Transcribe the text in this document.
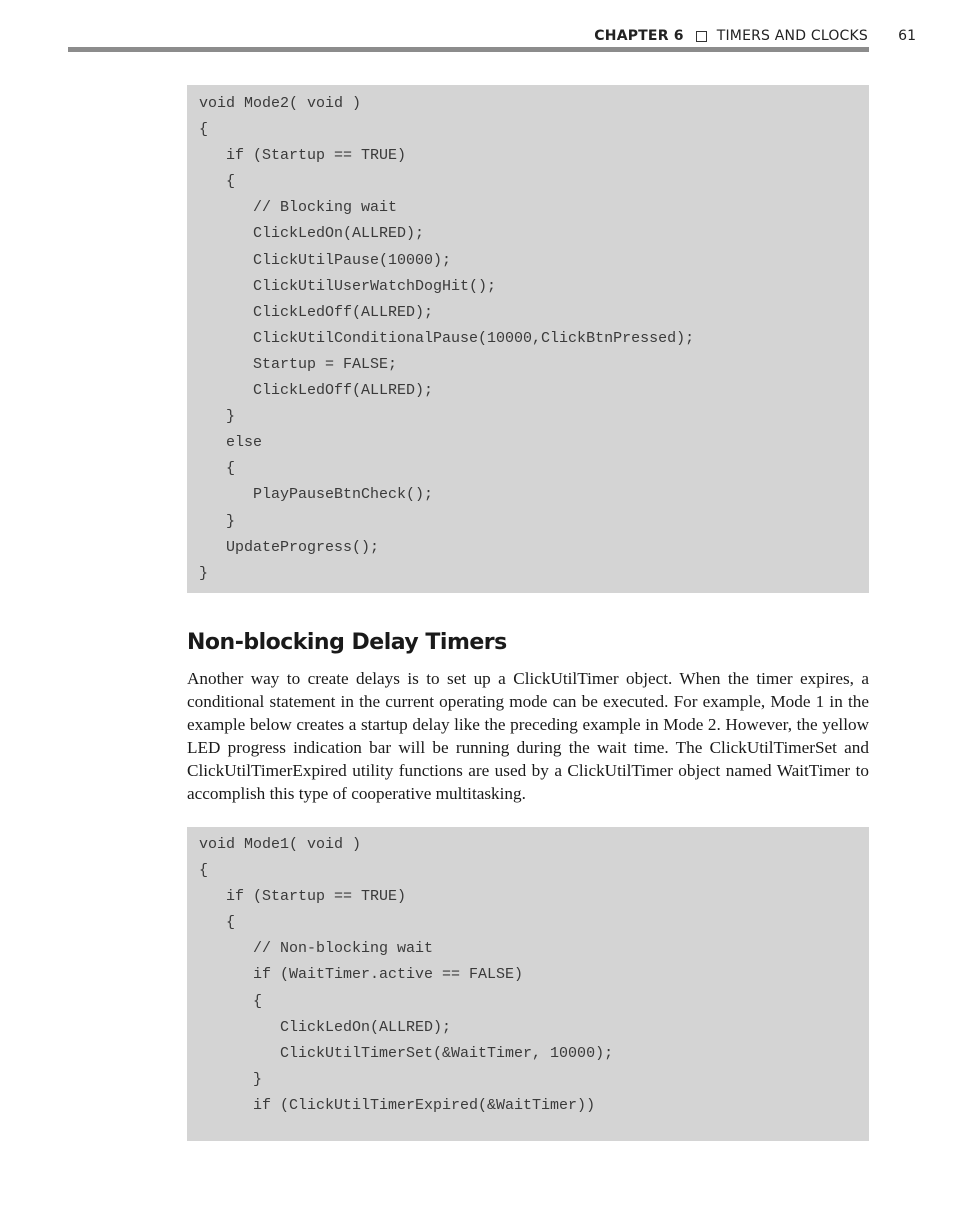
CHAPTER 6 TIMERS AND CLOCKS 61
void Mode2( void )
{
if (Startup == TRUE)
{
// Blocking wait
ClickLedOn(ALLRED);
ClickUtilPause(10000);
ClickUtilUserWatchDogHit();
ClickLedOff(ALLRED);
ClickUtilConditionalPause(10000,ClickBtnPressed);
Startup = FALSE;
ClickLedOff(ALLRED);
}
else
{
PlayPauseBtnCheck();
}
UpdateProgress();
}
Non-blocking Delay Timers

Another way to create delays is to set up a ClickUtilTimer object. When the timer expires, a conditional statement in the current operating mode can be executed. For example, Mode 1 in the example below creates a startup delay like the preceding example in Mode 2. However, the yellow LED progress indication bar will be running during the wait time. The ClickUtilTimerSet and ClickUtilTimerExpired utility functions are used by a ClickUtilTimer object named WaitTimer to accomplish this type of cooperative multitasking.

void Mode1( void )
{
if (Startup == TRUE)
{
// Non-blocking wait
if (WaitTimer.active == FALSE)
{
ClickLedOn(ALLRED);
ClickUtilTimerSet(&WaitTimer, 10000);
}
if (ClickUtilTimerExpired(&WaitTimer))
